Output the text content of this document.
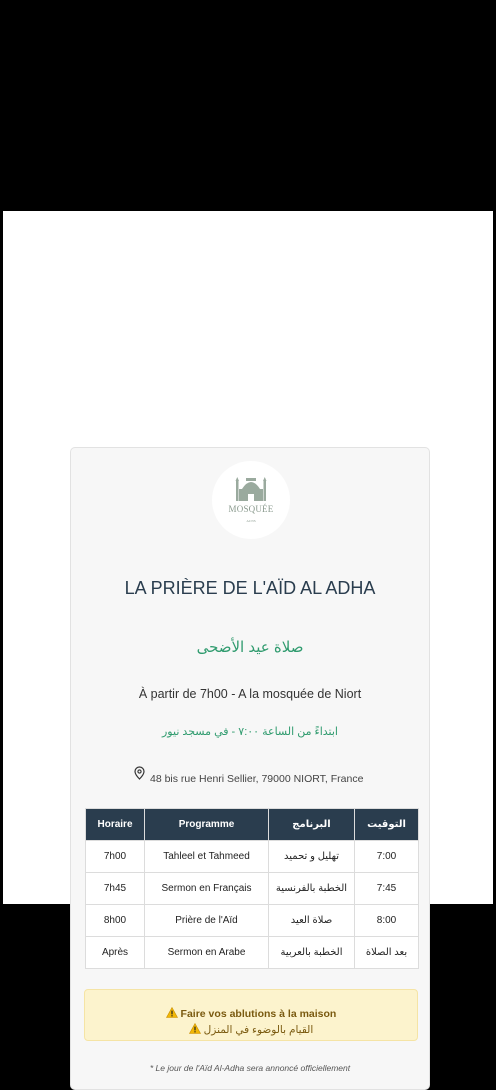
MOSQUÉE
ACNS
LA PRIÈRE DE L'AÏD AL ADHA
صلاة عيد الأضحى
À partir de 7h00 - A la mosquée de Niort
ابتداءً من الساعة ٧:٠٠ - في مسجد نيور
48 bis rue Henri Sellier, 79000 NIORT, France
Horaire	Programme	البرنامج	التوقيت
7h00	Tahleel et Tahmeed	تهليل و تحميد	7:00
7h45	Sermon en Français	الخطبة بالفرنسية	7:45
8h00	Prière de l'Aïd	صلاة العيد	8:00
Après	Sermon en Arabe	الخطبة بالعربية	بعد الصلاة
Faire vos ablutions à la maison
القيام بالوضوء في المنزل
* Le jour de l'Aïd Al-Adha sera annoncé officiellement
